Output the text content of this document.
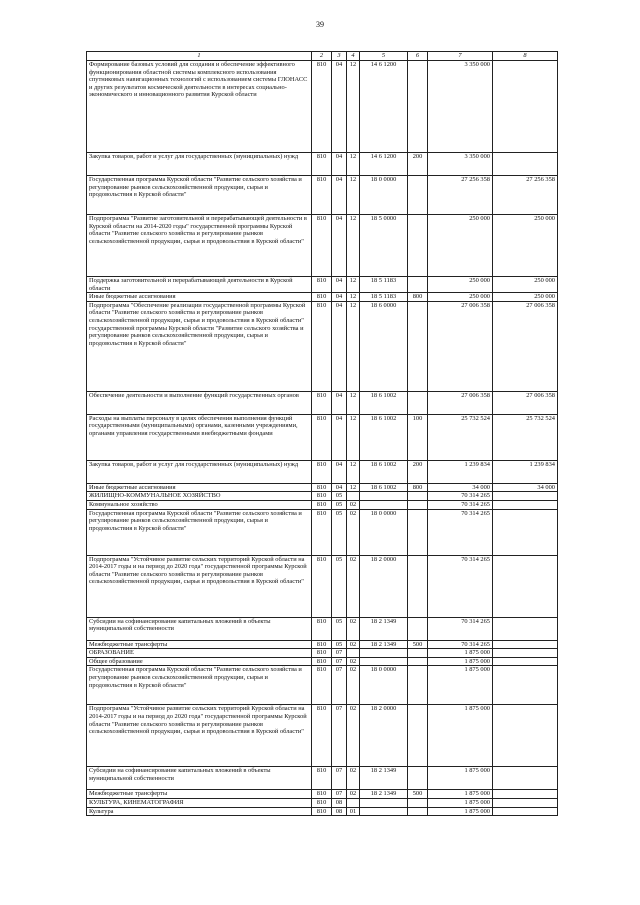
39
1	2	3	4	5	6	7	8
Формирование базовых условий для создания и обеспечение эффективного функционирования областной системы комплексного использования спутниковых навигационных технологий с использованием системы ГЛОНАСС и других результатов космической деятельности в интересах социально-экономического и инновационного развития Курской области	810	04	12	14 6 1200		3 350 000	
Закупка товаров, работ и услуг для государственных (муниципальных) нужд	810	04	12	14 6 1200	200	3 350 000	
Государственная программа Курской области "Развитие сельского хозяйства и регулирование рынков сельскохозяйственной продукции, сырья и продовольствия в Курской области"	810	04	12	18 0 0000		27 256 358	27 256 358
Подпрограмма "Развитие заготовительной и перерабатывающей деятельности в Курской области на 2014-2020 годы" государственной программы Курской области "Развитие сельского хозяйства и регулирование рынков сельскохозяйственной продукции, сырья и продовольствия в Курской области"	810	04	12	18 5 0000		250 000	250 000
Поддержка заготовительной и перерабатывающей деятельности в Курской области	810	04	12	18 5 1183		250 000	250 000
Иные бюджетные ассигнования	810	04	12	18 5 1183	800	250 000	250 000
Подпрограмма "Обеспечение реализации государственной программы Курской области "Развитие сельского хозяйства и регулирование рынков сельскохозяйственной продукции, сырья и продовольствия в Курской области" государственной программы Курской области "Развитие сельского хозяйства и регулирование рынков сельскохозяйственной продукции, сырья и продовольствия в Курской области"	810	04	12	18 6 0000		27 006 358	27 006 358
Обеспечение деятельности и выполнение функций государственных органов	810	04	12	18 6 1002		27 006 358	27 006 358
Расходы на выплаты персоналу в целях обеспечения выполнения функций государственными (муниципальными) органами, казенными учреждениями, органами управления государственными внебюджетными фондами	810	04	12	18 6 1002	100	25 732 524	25 732 524
Закупка товаров, работ и услуг для государственных (муниципальных) нужд	810	04	12	18 6 1002	200	1 239 834	1 239 834
Иные бюджетные ассигнования	810	04	12	18 6 1002	800	34 000	34 000
ЖИЛИЩНО-КОММУНАЛЬНОЕ ХОЗЯЙСТВО	810	05				70 314 265	
Коммунальное хозяйство	810	05	02			70 314 265	
Государственная программа Курской области "Развитие сельского хозяйства и регулирование рынков сельскохозяйственной продукции, сырья и продовольствия в Курской области"	810	05	02	18 0 0000		70 314 265	
Подпрограмма "Устойчивое развитие сельских территорий Курской области на 2014-2017 годы и на период до 2020 года" государственной программы Курской области "Развитие сельского хозяйства и регулирование рынков сельскохозяйственной продукции, сырья и продовольствия в Курской области"	810	05	02	18 2 0000		70 314 265	
Субсидии на софинансирование капитальных вложений в объекты муниципальной собственности	810	05	02	18 2 1349		70 314 265	
Межбюджетные трансферты	810	05	02	18 2 1349	500	70 314 265	
ОБРАЗОВАНИЕ	810	07				1 875 000	
Общее образование	810	07	02			1 875 000	
Государственная программа Курской области "Развитие сельского хозяйства и регулирование рынков сельскохозяйственной продукции, сырья и продовольствия в Курской области"	810	07	02	18 0 0000		1 875 000	
Подпрограмма "Устойчивое развитие сельских территорий Курской области на 2014-2017 годы и на период до 2020 года" государственной программы Курской области "Развитие сельского хозяйства и регулирование рынков сельскохозяйственной продукции, сырья и продовольствия в Курской области"	810	07	02	18 2 0000		1 875 000	
Субсидии на софинансирование капитальных вложений в объекты муниципальной собственности	810	07	02	18 2 1349		1 875 000	
Межбюджетные трансферты	810	07	02	18 2 1349	500	1 875 000	
КУЛЬТУРА, КИНЕМАТОГРАФИЯ	810	08				1 875 000	
Культура	810	08	01			1 875 000	
